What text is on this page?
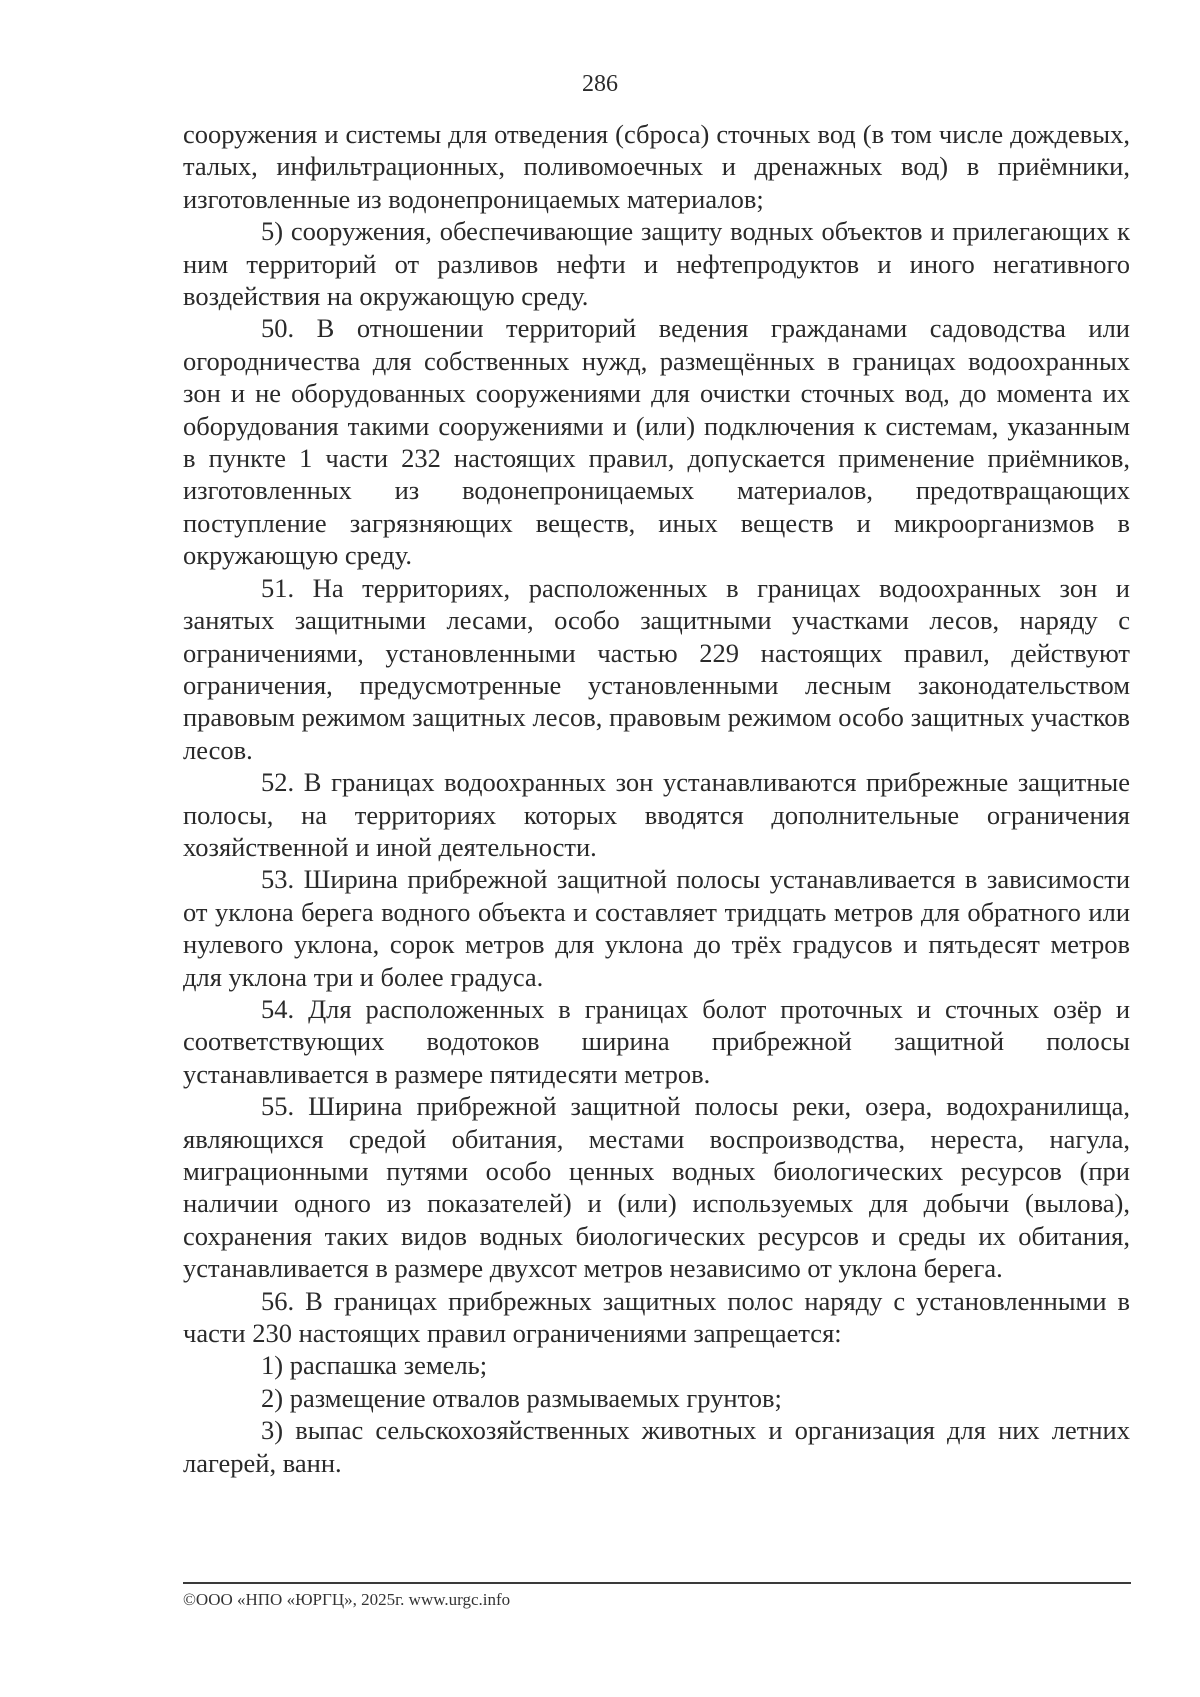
286

сооружения и системы для отведения (сброса) сточных вод (в том числе дождевых, талых, инфильтрационных, поливомоечных и дренажных вод) в приёмники, изготовленные из водонепроницаемых материалов;

5) сооружения, обеспечивающие защиту водных объектов и прилегающих к ним территорий от разливов нефти и нефтепродуктов и иного негативного воздействия на окружающую среду.

50. В отношении территорий ведения гражданами садоводства или огородничества для собственных нужд, размещённых в границах водоохранных зон и не оборудованных сооружениями для очистки сточных вод, до момента их оборудования такими сооружениями и (или) подключения к системам, указанным в пункте 1 части 232 настоящих правил, допускается применение приёмников, изготовленных из водонепроницаемых материалов, предотвращающих поступление загрязняющих веществ, иных веществ и микроорганизмов в окружающую среду.

51. На территориях, расположенных в границах водоохранных зон и занятых защитными лесами, особо защитными участками лесов, наряду с ограничениями, установленными частью 229 настоящих правил, действуют ограничения, предусмотренные установленными лесным законодательством правовым режимом защитных лесов, правовым режимом особо защитных участков лесов.

52. В границах водоохранных зон устанавливаются прибрежные защитные полосы, на территориях которых вводятся дополнительные ограничения хозяйственной и иной деятельности.

53. Ширина прибрежной защитной полосы устанавливается в зависимости от уклона берега водного объекта и составляет тридцать метров для обратного или нулевого уклона, сорок метров для уклона до трёх градусов и пятьдесят метров для уклона три и более градуса.

54. Для расположенных в границах болот проточных и сточных озёр и соответствующих водотоков ширина прибрежной защитной полосы устанавливается в размере пятидесяти метров.

55. Ширина прибрежной защитной полосы реки, озера, водохранилища, являющихся средой обитания, местами воспроизводства, нереста, нагула, миграционными путями особо ценных водных биологических ресурсов (при наличии одного из показателей) и (или) используемых для добычи (вылова), сохранения таких видов водных биологических ресурсов и среды их обитания, устанавливается в размере двухсот метров независимо от уклона берега.

56. В границах прибрежных защитных полос наряду с установленными в части 230 настоящих правил ограничениями запрещается:

1) распашка земель;

2) размещение отвалов размываемых грунтов;

3) выпас сельскохозяйственных животных и организация для них летних лагерей, ванн.

©ООО «НПО «ЮРГЦ», 2025г. www.urgc.info
